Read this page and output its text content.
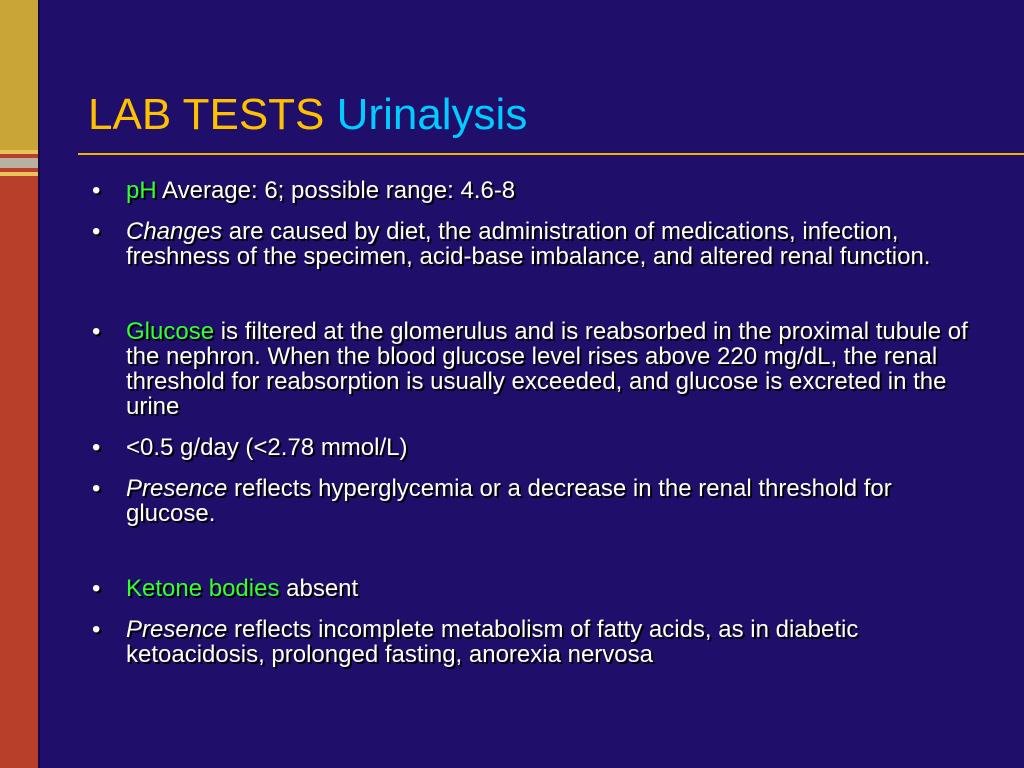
LAB TESTS Urinalysis
• pH Average: 6; possible range: 4.6-8
• Changes are caused by diet, the administration of medications, infection, freshness of the specimen, acid-base imbalance, and altered renal function.
• Glucose is filtered at the glomerulus and is reabsorbed in the proximal tubule of the nephron. When the blood glucose level rises above 220 mg/dL, the renal threshold for reabsorption is usually exceeded, and glucose is excreted in the urine
• <0.5 g/day (<2.78 mmol/L)
• Presence reflects hyperglycemia or a decrease in the renal threshold for glucose.
• Ketone bodies absent
• Presence reflects incomplete metabolism of fatty acids, as in diabetic ketoacidosis, prolonged fasting, anorexia nervosa
